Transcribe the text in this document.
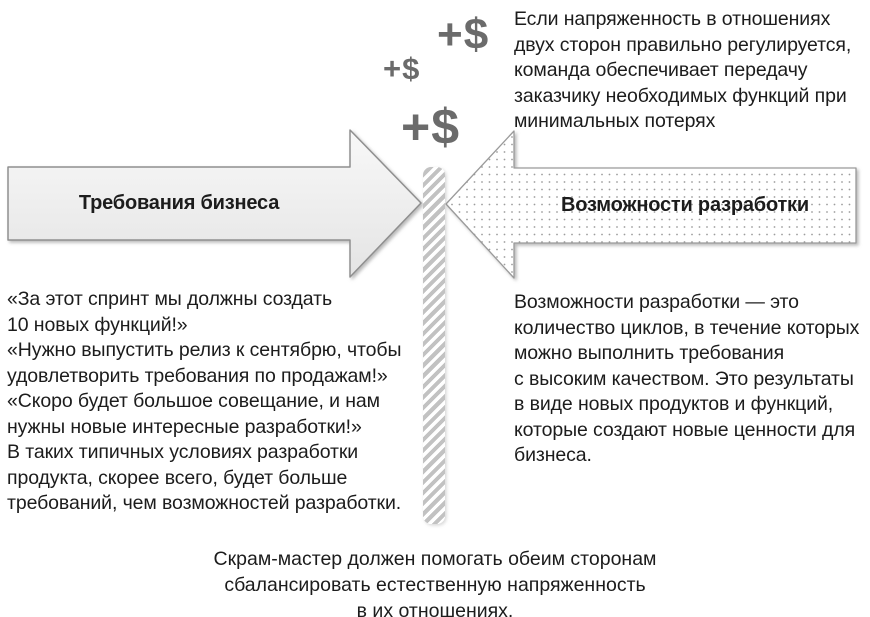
+$
+$
+$
Требования бизнеса	Возможности разработки
Если напряженность в отношениях
двух сторон правильно регулируется,
команда обеспечивает передачу
заказчику необходимых функций при
минимальных потерях
«За этот спринт мы должны создать
10 новых функций!»
«Нужно выпустить релиз к сентябрю, чтобы
удовлетворить требования по продажам!»
«Скоро будет большое совещание, и нам
нужны новые интересные разработки!»
В таких типичных условиях разработки
продукта, скорее всего, будет больше
требований, чем возможностей разработки.
Возможности разработки — это
количество циклов, в течение которых
можно выполнить требования
с высоким качеством. Это результаты
в виде новых продуктов и функций,
которые создают новые ценности для
бизнеса.
Скрам-мастер должен помогать обеим сторонам
сбалансировать естественную напряженность
в их отношениях.
